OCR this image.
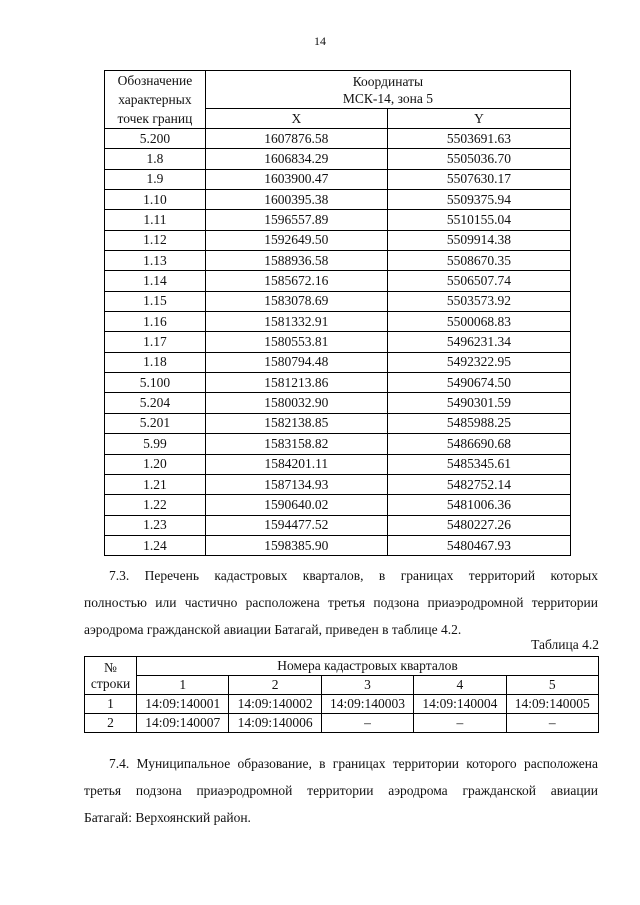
14
Обозначение
характерных
точек границ	Координаты
МСК-14, зона 5	
	X	Y
5.200	1607876.58	5503691.63
1.8	1606834.29	5505036.70
1.9	1603900.47	5507630.17
1.10	1600395.38	5509375.94
1.11	1596557.89	5510155.04
1.12	1592649.50	5509914.38
1.13	1588936.58	5508670.35
1.14	1585672.16	5506507.74
1.15	1583078.69	5503573.92
1.16	1581332.91	5500068.83
1.17	1580553.81	5496231.34
1.18	1580794.48	5492322.95
5.100	1581213.86	5490674.50
5.204	1580032.90	5490301.59
5.201	1582138.85	5485988.25
5.99	1583158.82	5486690.68
1.20	1584201.11	5485345.61
1.21	1587134.93	5482752.14
1.22	1590640.02	5481006.36
1.23	1594477.52	5480227.26
1.24	1598385.90	5480467.93
7.3. Перечень кадастровых кварталов, в границах территорий которых
полностью или частично расположена третья подзона приаэродромной территории
аэродрома гражданской авиации Батагай, приведен в таблице 4.2.
Таблица 4.2
№
строки	Номера кадастровых кварталов				
	1	2	3	4	5
1	14:09:140001	14:09:140002	14:09:140003	14:09:140004	14:09:140005
2	14:09:140007	14:09:140006	–	–	–
7.4. Муниципальное образование, в границах территории которого расположена
третья подзона приаэродромной территории аэродрома гражданской авиации
Батагай: Верхоянский район.
